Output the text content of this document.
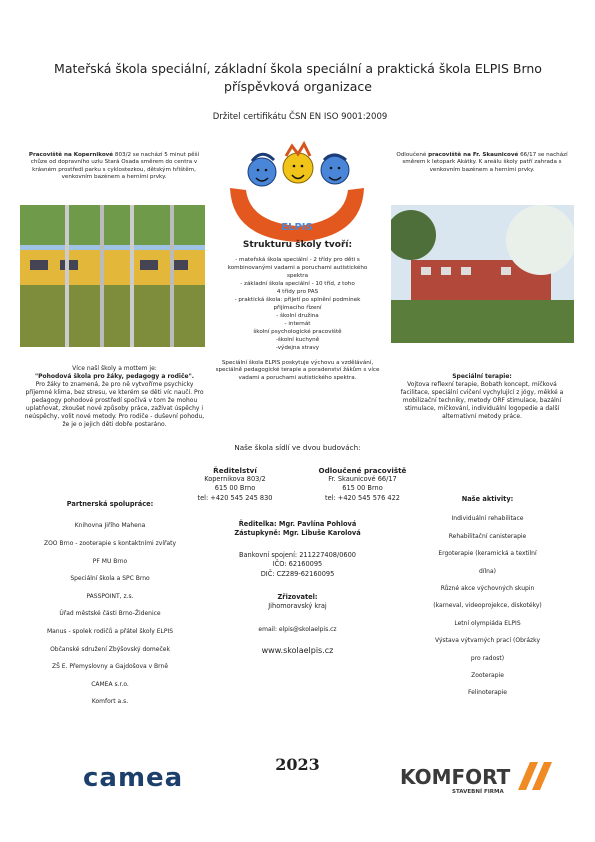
Mateřská škola speciální, základní škola speciální a praktická škola ELPIS Brno
příspěvková organizace
Držitel certifikátu ČSN EN ISO 9001:2009
Pracoviště na Kopernikové 803/2 se nachází 5 minut pěší chůze od dopravního uzlu Stará Osada směrem do centra v krásném prostředí parku s cyklostezkou, dětským hřištěm, venkovním bazénem a herními prvky.
Odloučené pracoviště na Fr. Skaunicové 66/17 se nachází směrem k letopark Akátky. K areálu školy patří zahrada s venkovním bazénem a herními prvky.
ELPIS
Strukturu školy tvoří:
- mateřská škola speciální - 2 třídy pro děti s
kombinovanými vadami a poruchami autistického
spektra
- základní škola speciální - 10 tříd, z toho
4 třídy pro PAS
- praktická škola: přijetí po splnění podmínek
přijímacího řízení
- školní družina
- internát
školní psychologické pracoviště
-školní kuchyně
-výdejna stravy
Speciální škola ELPIS poskytuje výchovu a vzdělávání, speciálně pedagogické terapie a poradenství žákům s více vadami a poruchami autistického spektra.
Více naší školy a mottem je:
"Pohodová škola pro žáky, pedagogy a rodiče".
Pro žáky to znamená, že pro ně vytvoříme psychicky příjemné klima, bez stresu, ve kterém se děti víc naučí. Pro pedagogy pohodové prostředí spočívá v tom že mohou uplatňovat, zkoušet nové způsoby práce, zažívat úspěchy i neúspěchy, volit nové metody. Pro rodiče - duševní pohodu, že je o jejich děti dobře postaráno.
Speciální terapie:
Vojtova reflexní terapie, Bobath koncept, míčková facilitace, speciální cvičení vychylující z jógy, měkké a mobilizační techniky, metody ORF stimulace, bazální stimulace, míčkování, individuální logopedie a další alternativní metody práce.
Naše škola sídlí ve dvou budovách:
Ředitelství
Kopernikova 803/2
615 00 Brno
tel: +420 545 245 830
Odloučené pracoviště
Fr. Skaunicové 66/17
615 00 Brno
tel: +420 545 576 422
Partnerská spolupráce:
Knihovna Jiřího Mahena
ZOO Brno - zooterapie s kontaktními zvířaty
PF MU Brno
Speciální škola a SPC Brno
PASSPOINT, z.s.
Úřad městské části Brno-Židenice
Manus - spolek rodičů a přátel školy ELPIS
Občanské sdružení Zbýšovský domeček
ZŠ E. Přemyslovny a Gajdošova v Brně
CAMEA s.r.o.
Komfort a.s.
Ředitelka: Mgr. Pavlína Pohlová
Zástupkyně: Mgr. Libuše Karolová
Bankovní spojení: 211227408/0600
IČO: 62160095
DIČ: CZ289-62160095
Zřizovatel:
Jihomoravský kraj
email: elpis@skolaelpis.cz
www.skolaelpis.cz
Naše aktivity:
Individuální rehabilitace
Rehabilitační canisterapie
Ergoterapie (keramická a textilní
dílna)
Různé akce výchovných skupin
(karneval, videoprojekce, diskotéky)
Letní olympiáda ELPIS
Výstava výtvarných prací (Obrázky
pro radost)
Zooterapie
Felinoterapie
2023
camea	KOMFORT
STAVEBNÍ FIRMA
